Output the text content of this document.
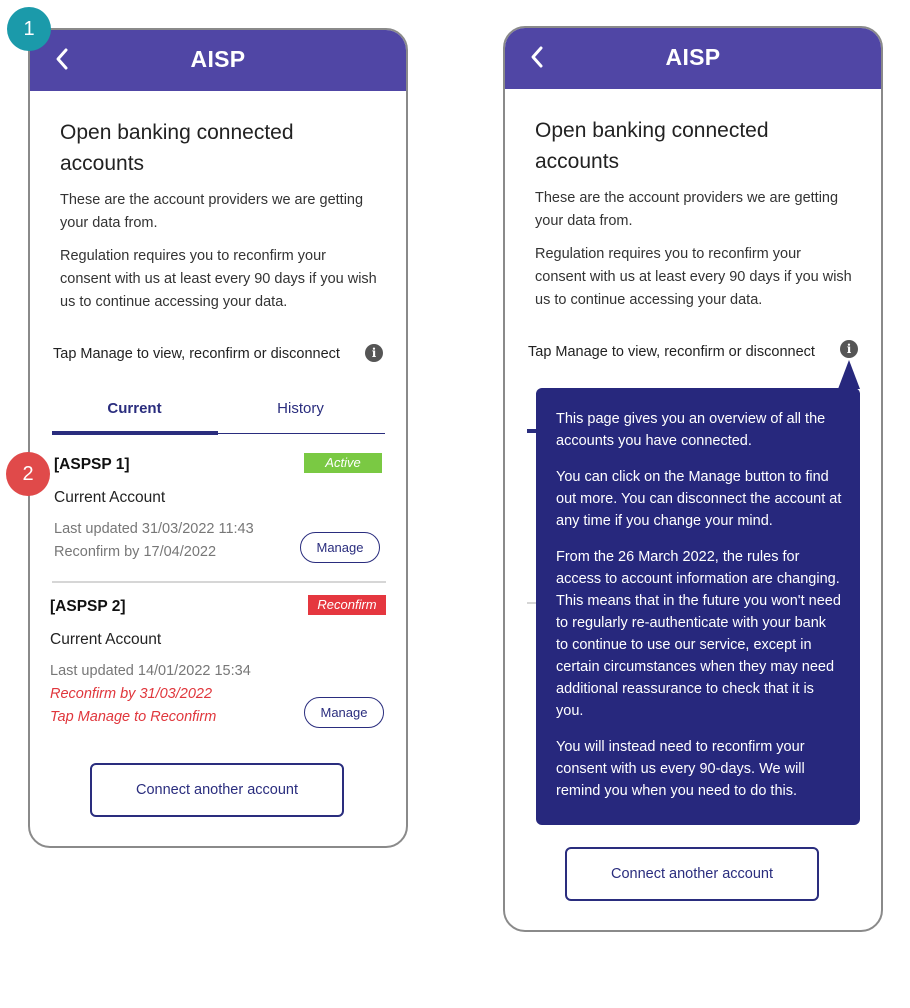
1
2
AISP
Open banking connected accounts
These are the account providers we are getting your data from.
Regulation requires you to reconfirm your consent with us at least every 90 days if you wish us to continue accessing your data.
Tap Manage to view, reconfirm or disconnect	i
Current	History
[ASPSP 1]	Active
Current Account
Last updated 31/03/2022 11:43
Reconfirm by 17/04/2022	Manage
[ASPSP 2]	Reconfirm
Current Account
Last updated 14/01/2022 15:34
Reconfirm by 31/03/2022
Tap Manage to Reconfirm	Manage
Connect another account
AISP
Open banking connected accounts
These are the account providers we are getting your data from.
Regulation requires you to reconfirm your consent with us at least every 90 days if you wish us to continue accessing your data.
Tap Manage to view, reconfirm or disconnect	i
Connect another account

This page gives you an overview of all the accounts you have connected.

You can click on the Manage button to find out more. You can disconnect the account at any time if you change your mind.

From the 26 March 2022, the rules for access to account information are changing. This means that in the future you won't need to regularly re-authenticate with your bank to continue to use our service, except in certain circumstances when they may need additional reassurance to check that it is you.

You will instead need to reconfirm your consent with us every 90-days. We will remind you when you need to do this.
